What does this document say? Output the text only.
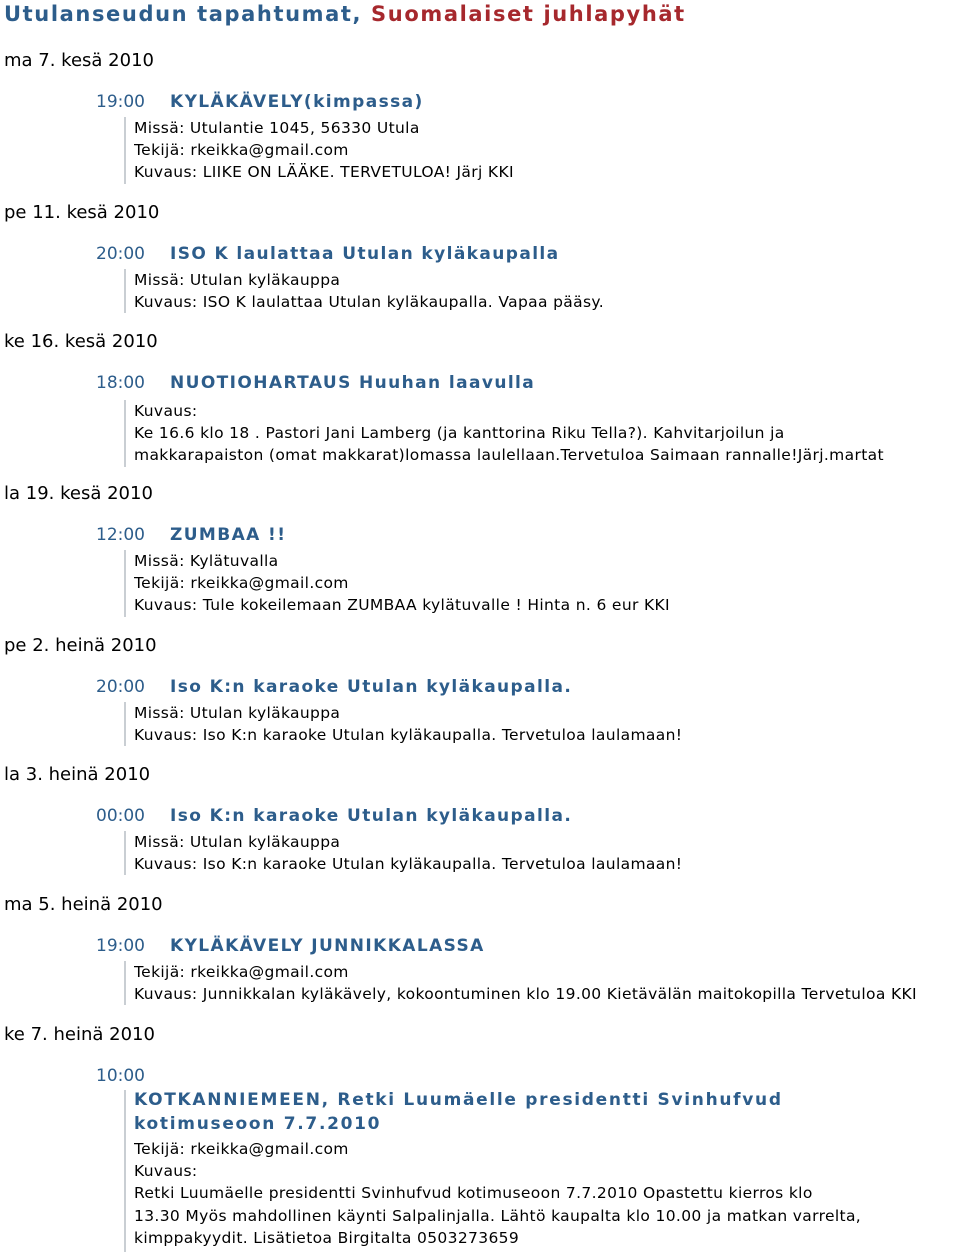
Utulanseudun tapahtumat, Suomalaiset juhlapyhät
ma 7. kesä 2010
19:00 KYLÄKÄVELY(kimpassa)
Missä: Utulantie 1045, 56330 Utula
Tekijä: rkeikka@gmail.com
Kuvaus: LIIKE ON LÄÄKE. TERVETULOA! Järj KKI
pe 11. kesä 2010
20:00 ISO K laulattaa Utulan kyläkaupalla
Missä: Utulan kyläkauppa
Kuvaus: ISO K laulattaa Utulan kyläkaupalla. Vapaa pääsy.
ke 16. kesä 2010
18:00 NUOTIOHARTAUS Huuhan laavulla
Kuvaus:
Ke 16.6 klo 18 . Pastori Jani Lamberg (ja kanttorina Riku Tella?). Kahvitarjoilun ja
makkarapaiston (omat makkarat)lomassa laulellaan.Tervetuloa Saimaan rannalle!Järj.martat
la 19. kesä 2010
12:00 ZUMBAA !!
Missä: Kylätuvalla
Tekijä: rkeikka@gmail.com
Kuvaus: Tule kokeilemaan ZUMBAA kylätuvalle ! Hinta n. 6 eur KKI
pe 2. heinä 2010
20:00 Iso K:n karaoke Utulan kyläkaupalla.
Missä: Utulan kyläkauppa
Kuvaus: Iso K:n karaoke Utulan kyläkaupalla. Tervetuloa laulamaan!
la 3. heinä 2010
00:00 Iso K:n karaoke Utulan kyläkaupalla.
Missä: Utulan kyläkauppa
Kuvaus: Iso K:n karaoke Utulan kyläkaupalla. Tervetuloa laulamaan!
ma 5. heinä 2010
19:00 KYLÄKÄVELY JUNNIKKALASSA
Tekijä: rkeikka@gmail.com
Kuvaus: Junnikkalan kyläkävely, kokoontuminen klo 19.00 Kietävälän maitokopilla Tervetuloa KKI
ke 7. heinä 2010
10:00
KOTKANNIEMEEN, Retki Luumäelle presidentti Svinhufvud kotimuseoon 7.7.2010
Tekijä: rkeikka@gmail.com
Kuvaus:
Retki Luumäelle presidentti Svinhufvud kotimuseoon 7.7.2010 Opastettu kierros klo
13.30 Myös mahdollinen käynti Salpalinjalla. Lähtö kaupalta klo 10.00 ja matkan varrelta,
kimppakyydit. Lisätietoa Birgitalta 0503273659
